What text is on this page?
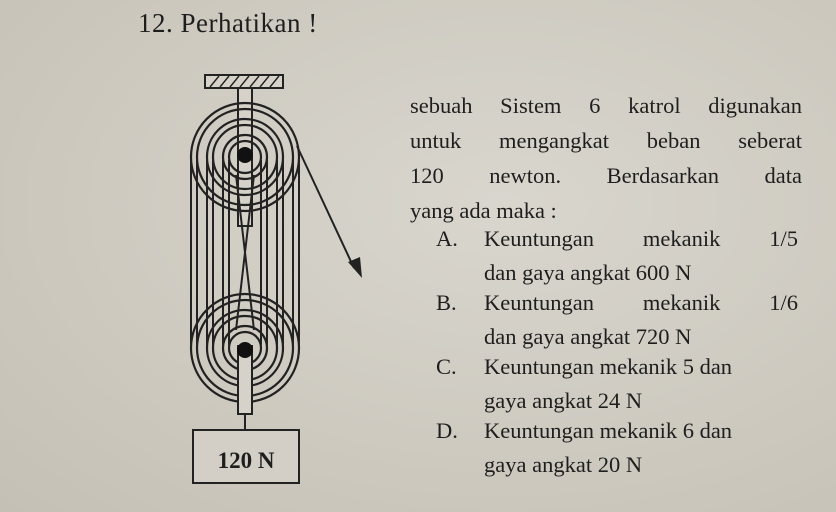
12. Perhatikan !
120 N
sebuah Sistem 6 katrol digunakan
untuk mengangkat beban seberat
120 newton. Berdasarkan data
yang ada maka :
A. Keuntungan mekanik 1/5
dan gaya angkat 600 N
B. Keuntungan mekanik 1/6
dan gaya angkat 720 N
C. Keuntungan mekanik 5 dan
gaya angkat 24 N
D. Keuntungan mekanik 6 dan
gaya angkat 20 N
